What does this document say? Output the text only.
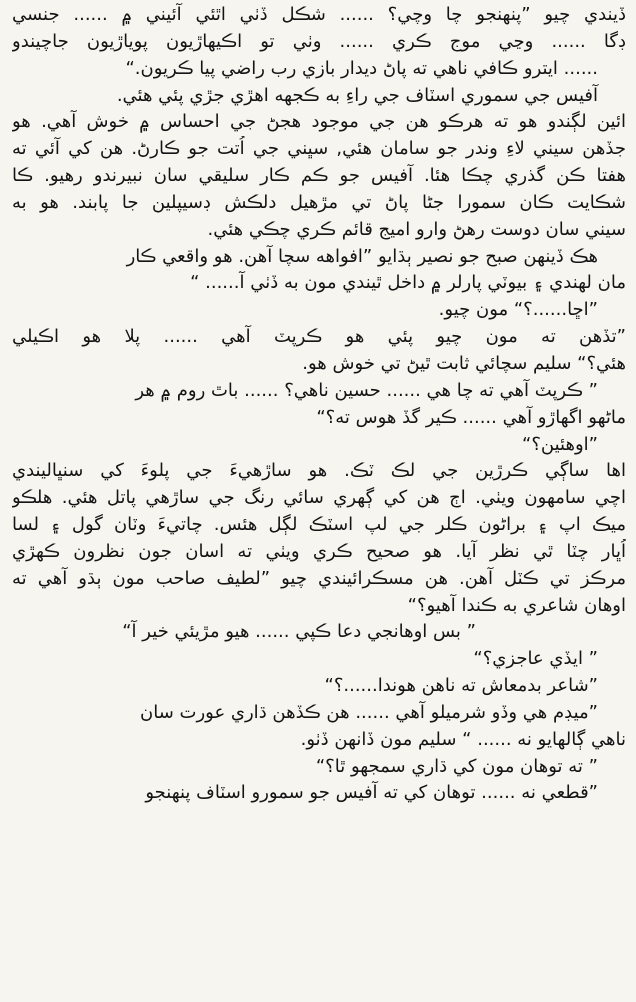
ڏيندي چيو ”پنهنجو چا وچي؟ ...... شڪل ڏٺي اٿئي آئيني ۾ ...... جنسي
ڊگا ...... وڃي موج ڪري ...... وٺي تو اڪيهاڙيون پوياڙيون جاچيندو
...... ايترو ڪافي ناهي ته پاڻ ديدار بازي رب راضي پيا ڪريون.“
آفيس جي سموري اسٽاف جي راءِ به ڪجهه اهڙي جڙي پئي هئي.
ائين لڳندو هو ته هرڪو هن جي موجود هجڻ جي احساس ۾ خوش آهي. هو
جڏهن سيني لاءِ وندر جو سامان هئي, سڀني جي اُتت جو ڪارڻ. هن کي آئي ته
هفتا ڪن گذري چڪا هئا. آفيس جو ڪم ڪار سليقي سان نبيرندو رهيو. ڪا
شڪايت ڪان سمورا جڻا پاڻ تي مڙهيل دلڪش ڊسيپلين جا پابند. هو به
سيني سان دوست رهڻ وارو اميج قائم ڪري چڪي هئي.
هڪ ڏينهن صبح جو نصير ٻڌايو ”افواهه سچا آهن. هو واقعي ڪار
مان لهندي ۽ بيوٽي پارلر ۾ داخل ٿيندي مون به ڏٺي آ...... “
”اڇا......؟“ مون چيو.
”تڏهن ته مون چيو پئي هو ڪرپٽ آهي ...... پلا هو اڪيلي
هئي؟“ سليم سچائي ثابت ٿيڻ تي خوش هو.
” ڪرپٽ آهي ته چا هي ...... حسين ناهي؟ ...... باٿ روم ۾ هر
ماڻهو اگهاڙو آهي ...... ڪير گڏ هوس ته؟“
”اوهئين؟“
اها ساڳي ڪرڙين جي لڪ ٽڪ. هو ساڙهيءَ جي پلوءَ کي سنڀاليندي
اچي سامهون ويٺي. اڄ هن کي ڳهري سائي رنگ جي ساڙهي پاتل هئي. هلڪو
ميڪ اپ ۽ براڻون ڪلر جي لپ اسٽڪ لڳل هئس. چاتيءَ وٽان گول ۽ لسا
اُڀار چٽا ٿي نظر آيا. هو صحيح ڪري ويٺي ته اسان جون نظرون ڪهڙي
مرڪز تي ڪٽل آهن. هن مسڪرائيندي چيو ”لطيف صاحب مون ٻڌو آهي ته
اوهان شاعري به ڪندا آهيو؟“
” بس اوهانجي دعا ڪپي ...... هيو مڙيئي خير آ“
” ايڏي عاجزي؟“
”شاعر بدمعاش ته ناهن هوندا......؟“
”ميڊم هي وڏو شرميلو آهي ...... هن ڪڏهن ڌاري عورت سان
ناهي ڳالهايو نه ...... “ سليم مون ڏانهن ڏٺو.
” ته توهان مون کي ڌاري سمجهو ٿا؟“
”قطعي نه ...... توهان کي ته آفيس جو سمورو اسٽاف پنهنجو
